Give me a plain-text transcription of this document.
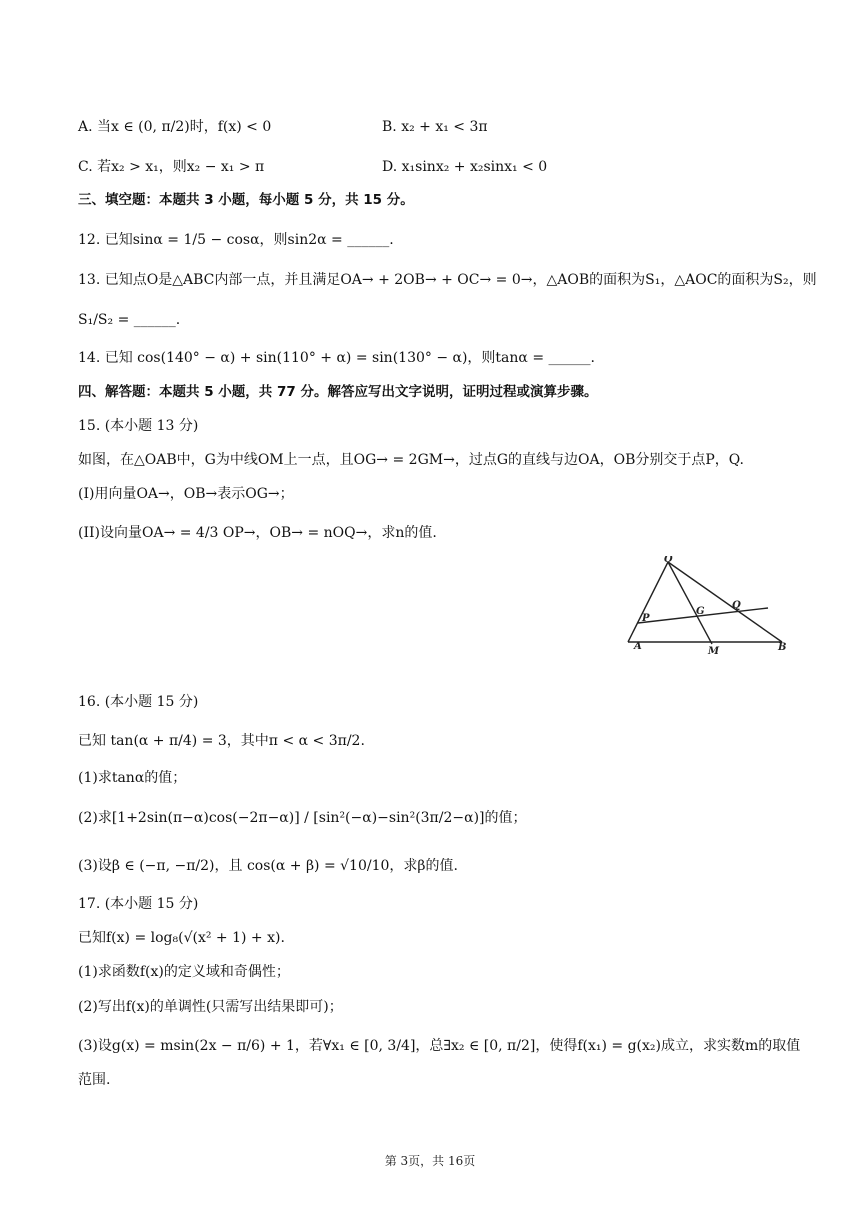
A. 当x ∈ (0, π/2)时，f(x) < 0	B. x₂ + x₁ < 3π
C. 若x₂ > x₁，则x₂ − x₁ > π	D. x₁sinx₂ + x₂sinx₁ < 0
三、填空题：本题共 3 小题，每小题 5 分，共 15 分。
12. 已知sinα = 1/5 − cosα，则sin2α = ______.
13. 已知点O是△ABC内部一点，并且满足OA→ + 2OB→ + OC→ = 0→，△AOB的面积为S₁，△AOC的面积为S₂，则
S₁/S₂ = ______.
14. 已知 cos(140° − α) + sin(110° + α) = sin(130° − α)，则tanα = ______.
四、解答题：本题共 5 小题，共 77 分。解答应写出文字说明，证明过程或演算步骤。
15. (本小题 13 分)
如图，在△OAB中，G为中线OM上一点，且OG→ = 2GM→，过点G的直线与边OA，OB分别交于点P，Q.
(I)用向量OA→，OB→表示OG→；
(II)设向量OA→ = 4/3 OP→，OB→ = nOQ→，求n的值.
O
P
G
Q
A	M	B
16. (本小题 15 分)
已知 tan(α + π/4) = 3，其中π < α < 3π/2.
(1)求tanα的值；
(2)求[1+2sin(π−α)cos(−2π−α)] / [sin²(−α)−sin²(3π/2−α)]的值；
(3)设β ∈ (−π, −π/2)，且 cos(α + β) = √10/10，求β的值.
17. (本小题 15 分)
已知f(x) = log₈(√(x² + 1) + x).
(1)求函数f(x)的定义域和奇偶性；
(2)写出f(x)的单调性(只需写出结果即可)；
(3)设g(x) = msin(2x − π/6) + 1，若∀x₁ ∈ [0, 3/4]，总∃x₂ ∈ [0, π/2]，使得f(x₁) = g(x₂)成立，求实数m的取值
范围.
第 3页，共 16页
